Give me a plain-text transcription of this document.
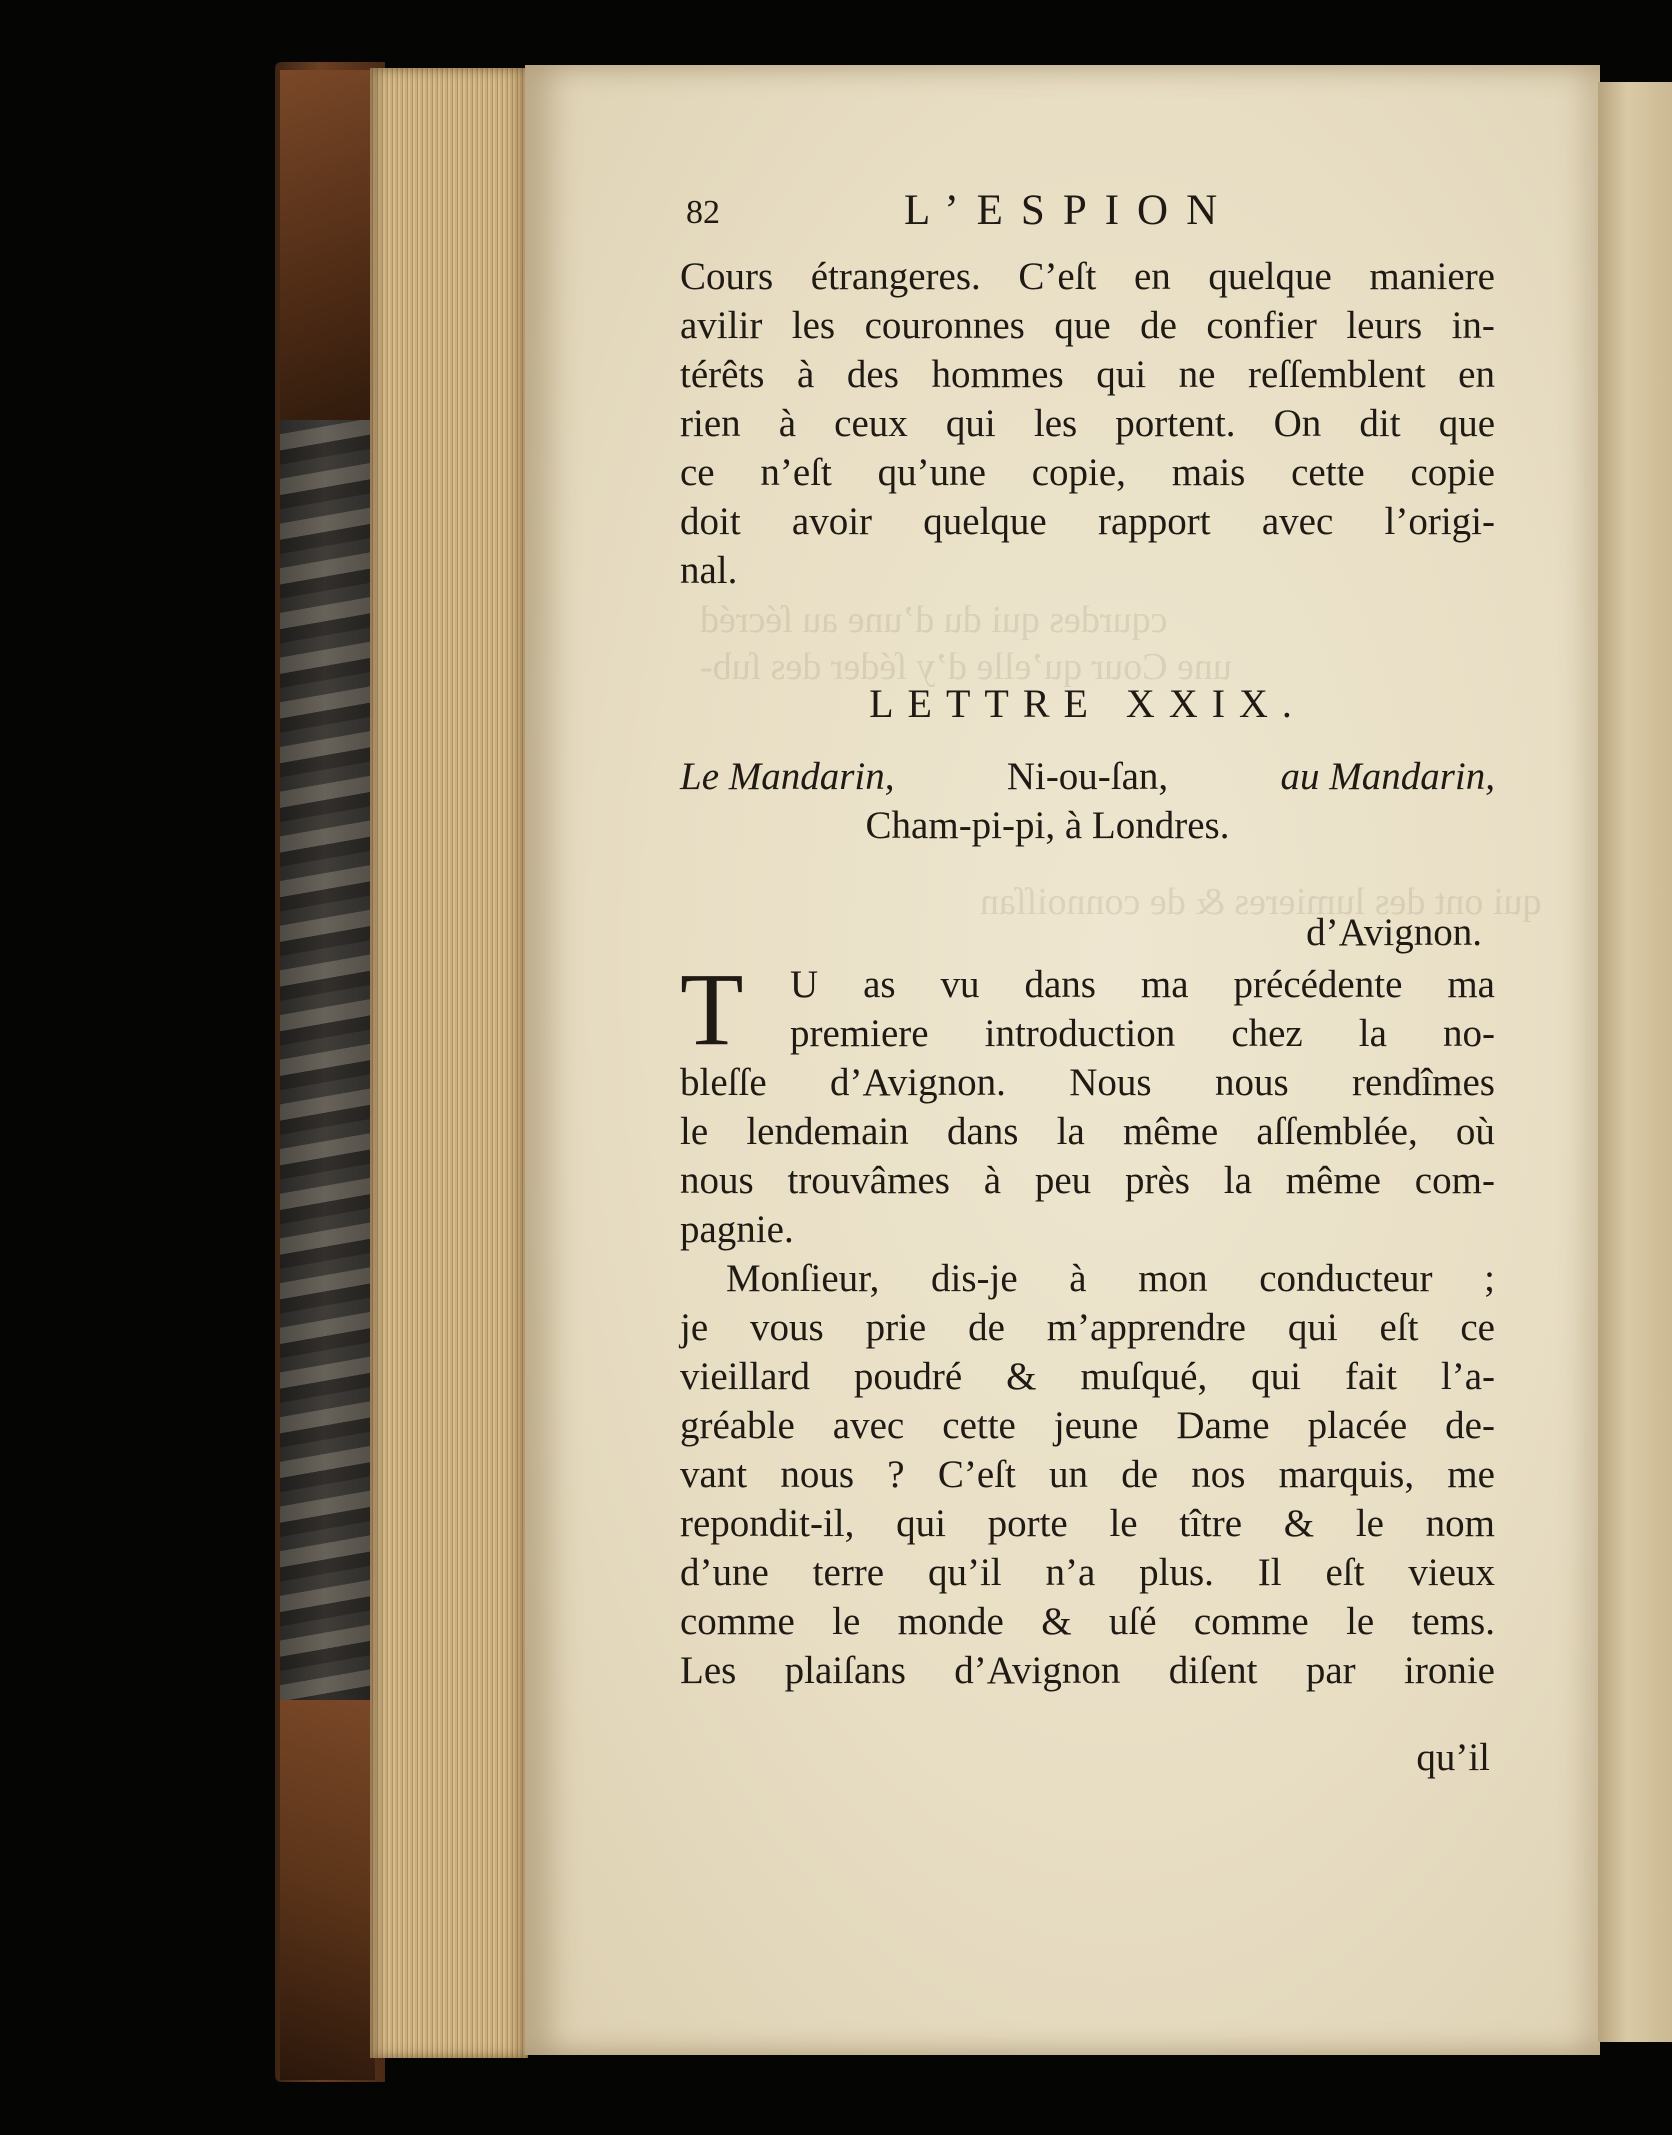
cqurdes qui du d’une au ſécréd
une Cour qu’elle d’y ſéder des ſub-
qui ont des lumieres & de connoiſſan
82	L’ESPION
Cours étrangeres. C’eſt en quelque maniere
avilir les couronnes que de confier leurs in-
térêts à des hommes qui ne reſſemblent en
rien à ceux qui les portent. On dit que
ce n’eſt qu’une copie, mais cette copie
doit avoir quelque rapport avec l’origi-
nal.
LETTRE XXIX.
Le Mandarin,	Ni-ou-ſan,	au Mandarin,
Cham-pi-pi, à Londres.
d’Avignon.
T U as vu dans ma précédente ma
premiere introduction chez la no-
bleſſe d’Avignon. Nous nous rendîmes
le lendemain dans la même aſſemblée, où
nous trouvâmes à peu près la même com-
pagnie.
Monſieur, dis-je à mon conducteur ;
je vous prie de m’apprendre qui eſt ce
vieillard poudré & muſqué, qui fait l’a-
gréable avec cette jeune Dame placée de-
vant nous ? C’eſt un de nos marquis, me
repondit-il, qui porte le tître & le nom
d’une terre qu’il n’a plus. Il eſt vieux
comme le monde & uſé comme le tems.
Les plaiſans d’Avignon diſent par ironie
qu’il
